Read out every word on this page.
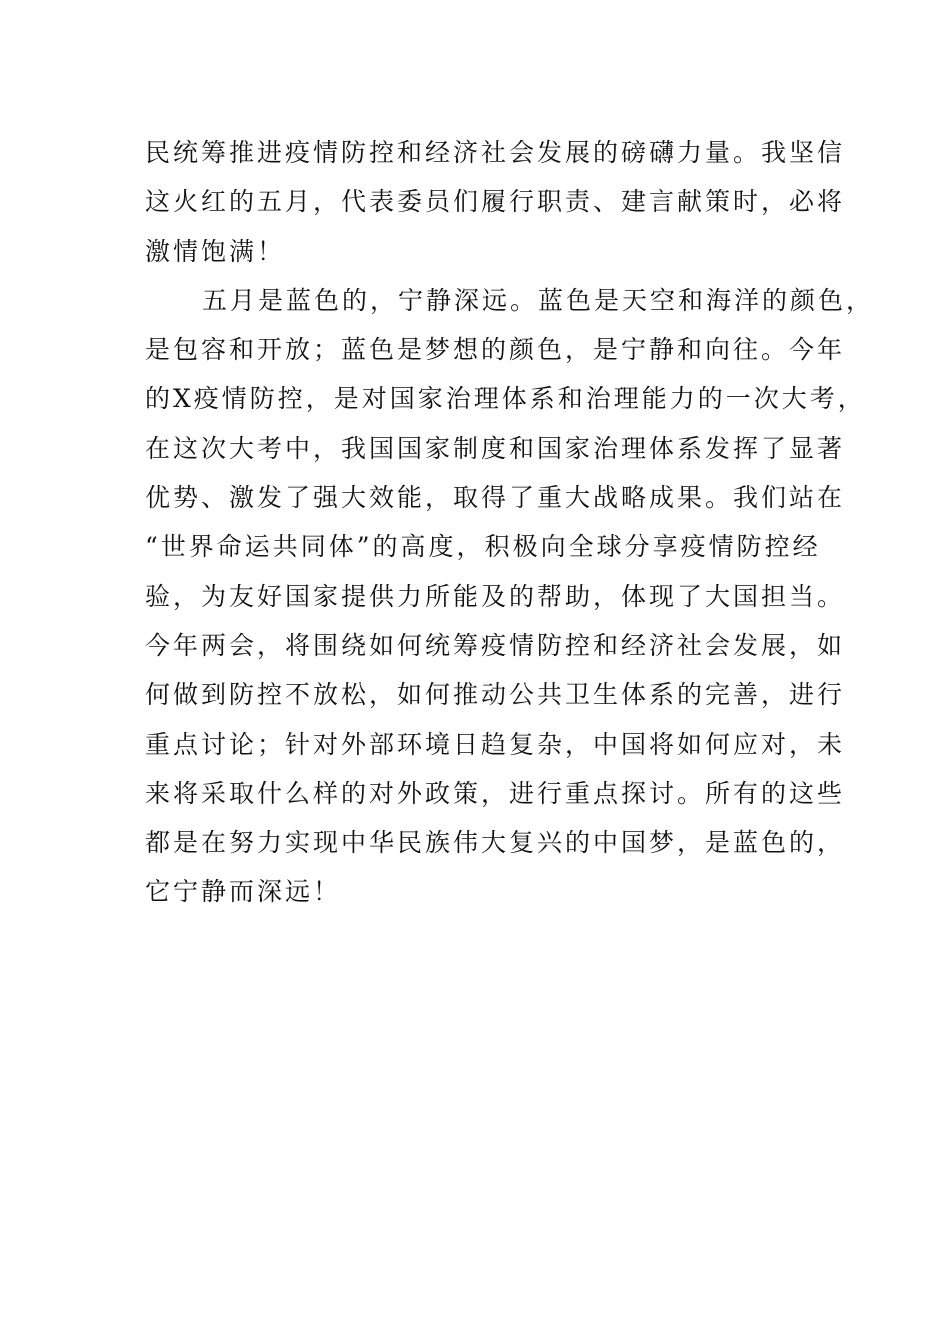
民统筹推进疫情防控和经济社会发展的磅礴力量。我坚信
这火红的五月，代表委员们履行职责、建言献策时，必将
激情饱满！
五月是蓝色的，宁静深远。蓝色是天空和海洋的颜色，
是包容和开放；蓝色是梦想的颜色，是宁静和向往。今年
的X疫情防控，是对国家治理体系和治理能力的一次大考，
在这次大考中，我国国家制度和国家治理体系发挥了显著
优势、激发了强大效能，取得了重大战略成果。我们站在
“世界命运共同体”的高度，积极向全球分享疫情防控经
验，为友好国家提供力所能及的帮助，体现了大国担当。
今年两会，将围绕如何统筹疫情防控和经济社会发展，如
何做到防控不放松，如何推动公共卫生体系的完善，进行
重点讨论；针对外部环境日趋复杂，中国将如何应对，未
来将采取什么样的对外政策，进行重点探讨。所有的这些
都是在努力实现中华民族伟大复兴的中国梦，是蓝色的，
它宁静而深远！
